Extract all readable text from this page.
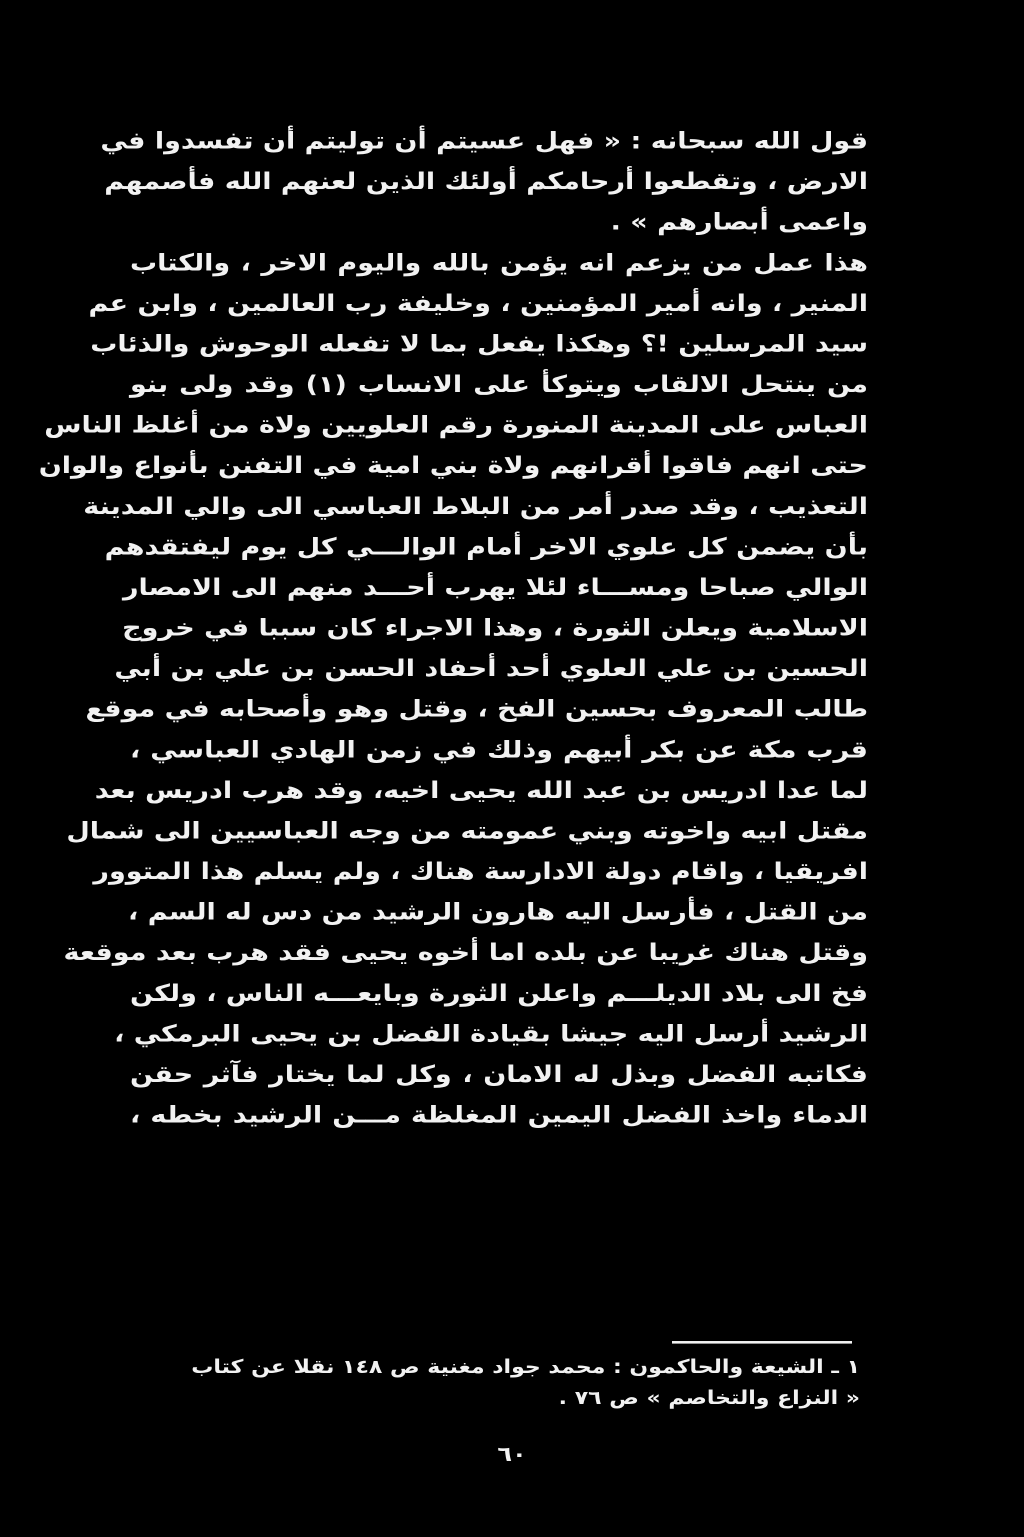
قول الله سبحانه : « فهل عسيتم أن توليتم أن تفسدوا في
الارض ، وتقطعوا أرحامكم أولئك الذين لعنهم الله فأصمهم
واعمى أبصارهم » .
هذا عمل من يزعم انه يؤمن بالله واليوم الاخر ، والكتاب
المنير ، وانه أمير المؤمنين ، وخليفة رب العالمين ، وابن عم
سيد المرسلين !؟ وهكذا يفعل بما لا تفعله الوحوش والذئاب
من ينتحل الالقاب ويتوكأ على الانساب (١) وقد ولى بنو
العباس على المدينة المنورة رقم العلويين ولاة من أغلظ الناس
حتى انهم فاقوا أقرانهم ولاة بني امية في التفنن بأنواع والوان
التعذيب ، وقد صدر أمر من البلاط العباسي الى والي المدينة
بأن يضمن كل علوي الاخر أمام الوالـــي كل يوم ليفتقدهم
الوالي صباحا ومســـاء لئلا يهرب أحـــد منهم الى الامصار
الاسلامية ويعلن الثورة ، وهذا الاجراء كان سببا في خروج
الحسين بن علي العلوي أحد أحفاد الحسن بن علي بن أبي
طالب المعروف بحسين الفخ ، وقتل وهو وأصحابه في موقع
قرب مكة عن بكر أبيهم وذلك في زمن الهادي العباسي ،
لما عدا ادريس بن عبد الله يحيى اخيه، وقد هرب ادريس بعد
مقتل ابيه واخوته وبني عمومته من وجه العباسيين الى شمال
افريقيا ، واقام دولة الادارسة هناك ، ولم يسلم هذا المتوور
من القتل ، فأرسل اليه هارون الرشيد من دس له السم ،
وقتل هناك غريبا عن بلده اما أخوه يحيى فقد هرب بعد موقعة
فخ الى بلاد الديلـــم واعلن الثورة وبايعـــه الناس ، ولكن
الرشيد أرسل اليه جيشا بقيادة الفضل بن يحيى البرمكي ،
فكاتبه الفضل وبذل له الامان ، وكل لما يختار فآثر حقن
الدماء واخذ الفضل اليمين المغلظة مـــن الرشيد بخطه ،
١ ـ الشيعة والحاكمون : محمد جواد مغنية ص ١٤٨ نقلا عن كتاب
« النزاع والتخاصم » ص ٧٦ .
٦٠
